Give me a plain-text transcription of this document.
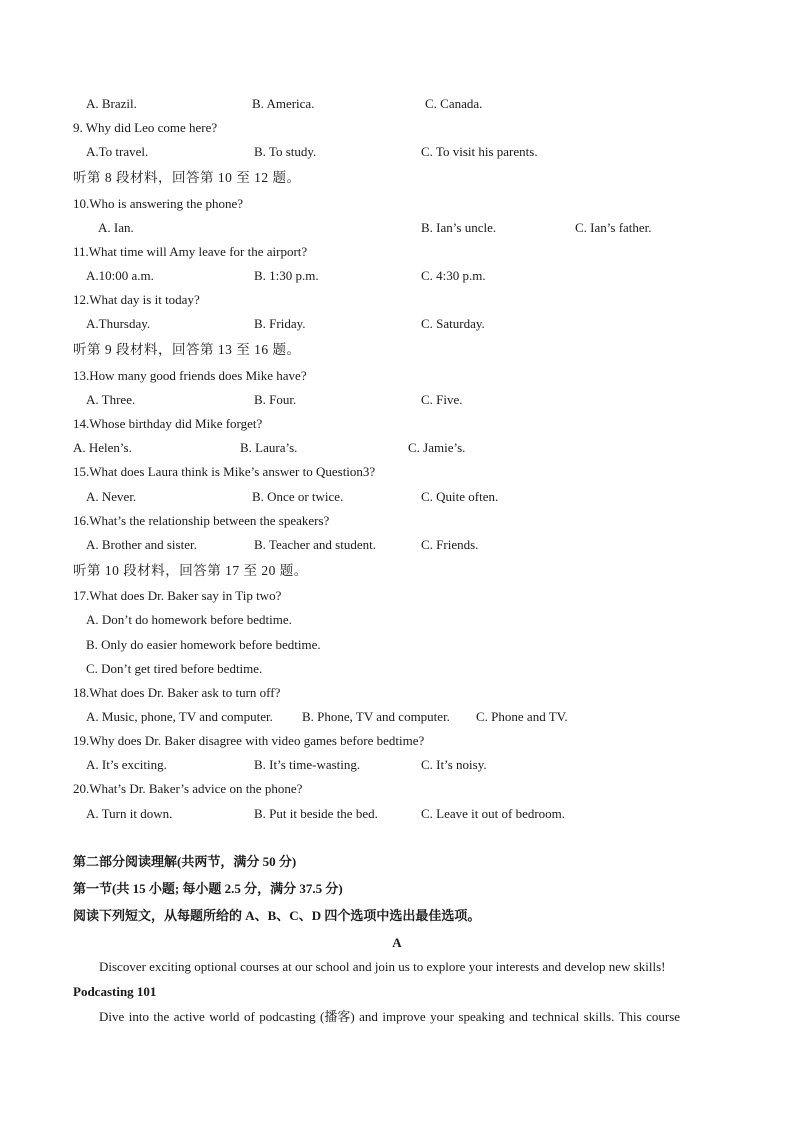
A. Brazil.	B. America.	C. Canada.
9. Why did Leo come here?
A.To travel.	B. To study.	C. To visit his parents.
听第 8 段材料，回答第 10 至 12 题。
10.Who is answering the phone?
A. Ian.	B. Ian’s uncle.	C. Ian’s father.
11.What time will Amy leave for the airport?
A.10:00 a.m.	B. 1:30 p.m.	C. 4:30 p.m.
12.What day is it today?
A.Thursday.	B. Friday.	C. Saturday.
听第 9 段材料，回答第 13 至 16 题。
13.How many good friends does Mike have?
A. Three.	B. Four.	C. Five.
14.Whose birthday did Mike forget?
A. Helen’s.	B. Laura’s.	C. Jamie’s.
15.What does Laura think is Mike’s answer to Question3?
A. Never.	B. Once or twice.	C. Quite often.
16.What’s the relationship between the speakers?
A. Brother and sister.	B. Teacher and student.	C. Friends.
听第 10 段材料，回答第 17 至 20 题。
17.What does Dr. Baker say in Tip two?
A. Don’t do homework before bedtime.
B. Only do easier homework before bedtime.
C. Don’t get tired before bedtime.
18.What does Dr. Baker ask to turn off?
A. Music, phone, TV and computer. B. Phone, TV and computer. C. Phone and TV.
19.Why does Dr. Baker disagree with video games before bedtime?
A. It’s exciting.	B. It’s time-wasting.	C. It’s noisy.
20.What’s Dr. Baker’s advice on the phone?
A. Turn it down.	B. Put it beside the bed.	C. Leave it out of bedroom.
第二部分阅读理解(共两节，满分 50 分)
第一节(共 15 小题; 每小题 2.5 分，满分 37.5 分)
阅读下列短文，从每题所给的 A、B、C、D 四个选项中选出最佳选项。
A
Discover exciting optional courses at our school and join us to explore your interests and develop new skills!
Podcasting 101
Dive into the active world of podcasting (播客) and improve your speaking and technical skills. This course
